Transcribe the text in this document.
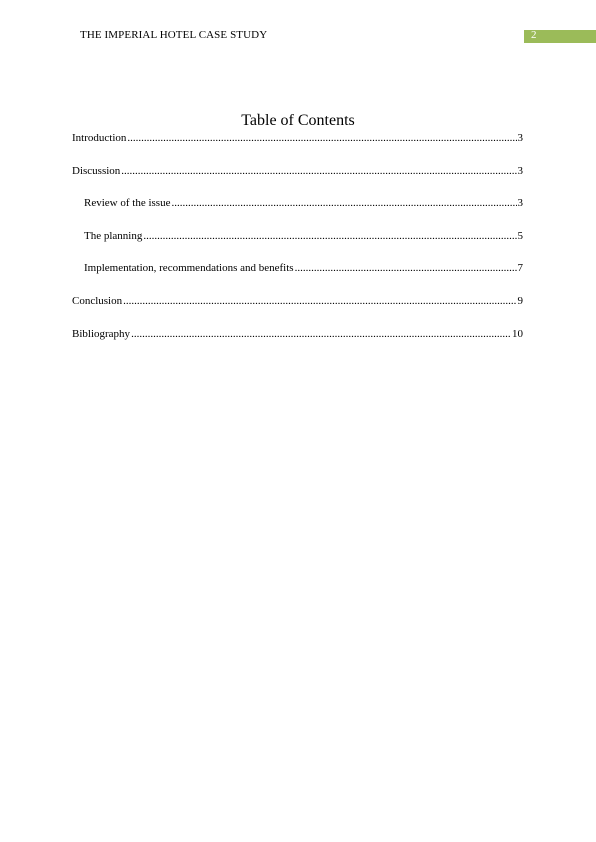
THE IMPERIAL HOTEL CASE STUDY	2
Table of Contents
Introduction .....	3
Discussion .....	3
Review of the issue .....	3
The planning .....	5
Implementation, recommendations and benefits .....	7
Conclusion .....	9
Bibliography .....	10
